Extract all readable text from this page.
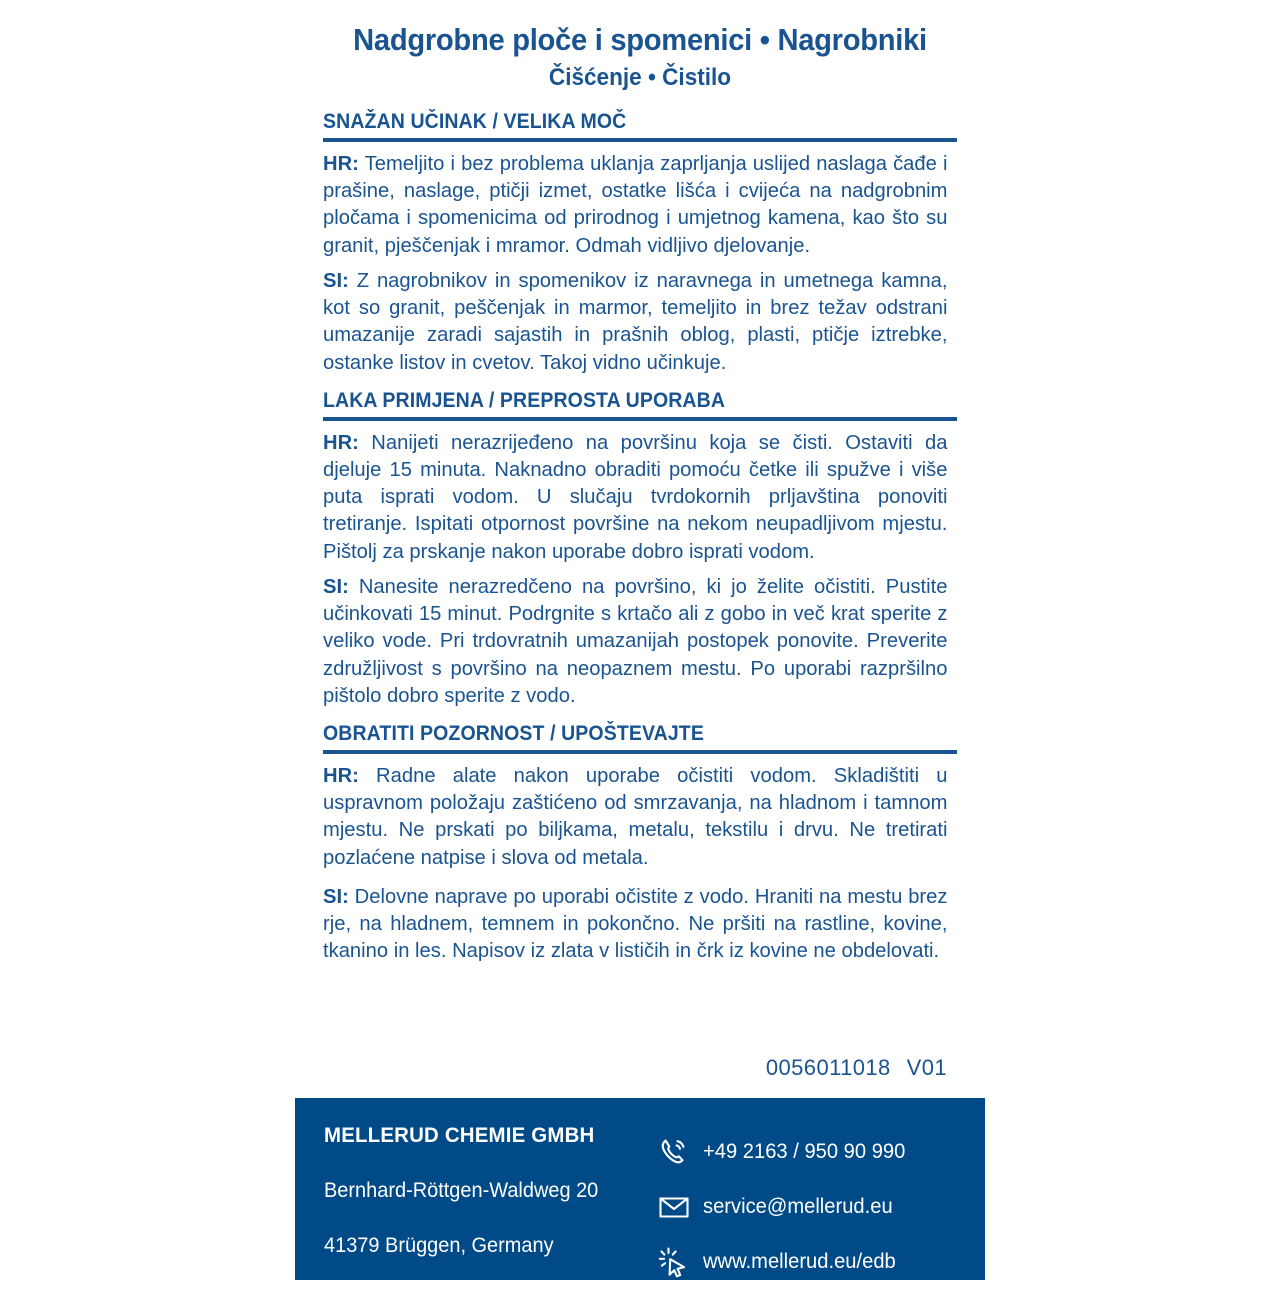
Nadgrobne ploče i spomenici • Nagrobniki
Čišćenje • Čistilo
SNAŽAN UČINAK / VELIKA MOČ

HR: Temeljito i bez problema uklanja zaprljanja uslijed naslaga čađe i prašine, naslage, ptičji izmet, ostatke lišća i cvijeća na nadgrobnim pločama i spomenicima od prirodnog i umjetnog kamena, kao što su granit, pješčenjak i mramor. Odmah vidljivo djelovanje.

SI: Z nagrobnikov in spomenikov iz naravnega in umetnega kamna, kot so granit, peščenjak in marmor, temeljito in brez težav odstrani umazanije zaradi sajastih in prašnih oblog, plasti, ptičje iztrebke, ostanke listov in cvetov. Takoj vidno učinkuje.

LAKA PRIMJENA / PREPROSTA UPORABA

HR: Nanijeti nerazrijeđeno na površinu koja se čisti. Ostaviti da djeluje 15 minuta. Naknadno obraditi pomoću četke ili spužve i više puta isprati vodom. U slučaju tvrdokornih prljavština ponoviti tretiranje. Ispitati otpornost površine na nekom neupadljivom mjestu. Pištolj za prskanje nakon uporabe dobro isprati vodom.

SI: Nanesite nerazredčeno na površino, ki jo želite očistiti. Pustite učinkovati 15 minut. Podrgnite s krtačo ali z gobo in več krat sperite z veliko vode. Pri trdovratnih umazanijah postopek ponovite. Preverite združljivost s površino na neopaznem mestu. Po uporabi razpršilno pištolo dobro sperite z vodo.

OBRATITI POZORNOST / UPOŠTEVAJTE

HR: Radne alate nakon uporabe očistiti vodom. Skladištiti u uspravnom položaju zaštićeno od smrzavanja, na hladnom i tamnom mjestu. Ne prskati po biljkama, metalu, tekstilu i drvu. Ne tretirati pozlaćene natpise i slova od metala.

SI: Delovne naprave po uporabi očistite z vodo. Hraniti na mestu brez rje, na hladnem, temnem in pokončno. Ne pršiti na rastline, kovine, tkanino in les. Napisov iz zlata v lističih in črk iz kovine ne obdelovati.

0056011018 V01
MELLERUD CHEMIE GMBH
Bernhard-Röttgen-Waldweg 20
41379 Brüggen, Germany
+49 2163 / 950 90 990
service@mellerud.eu
www.mellerud.eu/edb
